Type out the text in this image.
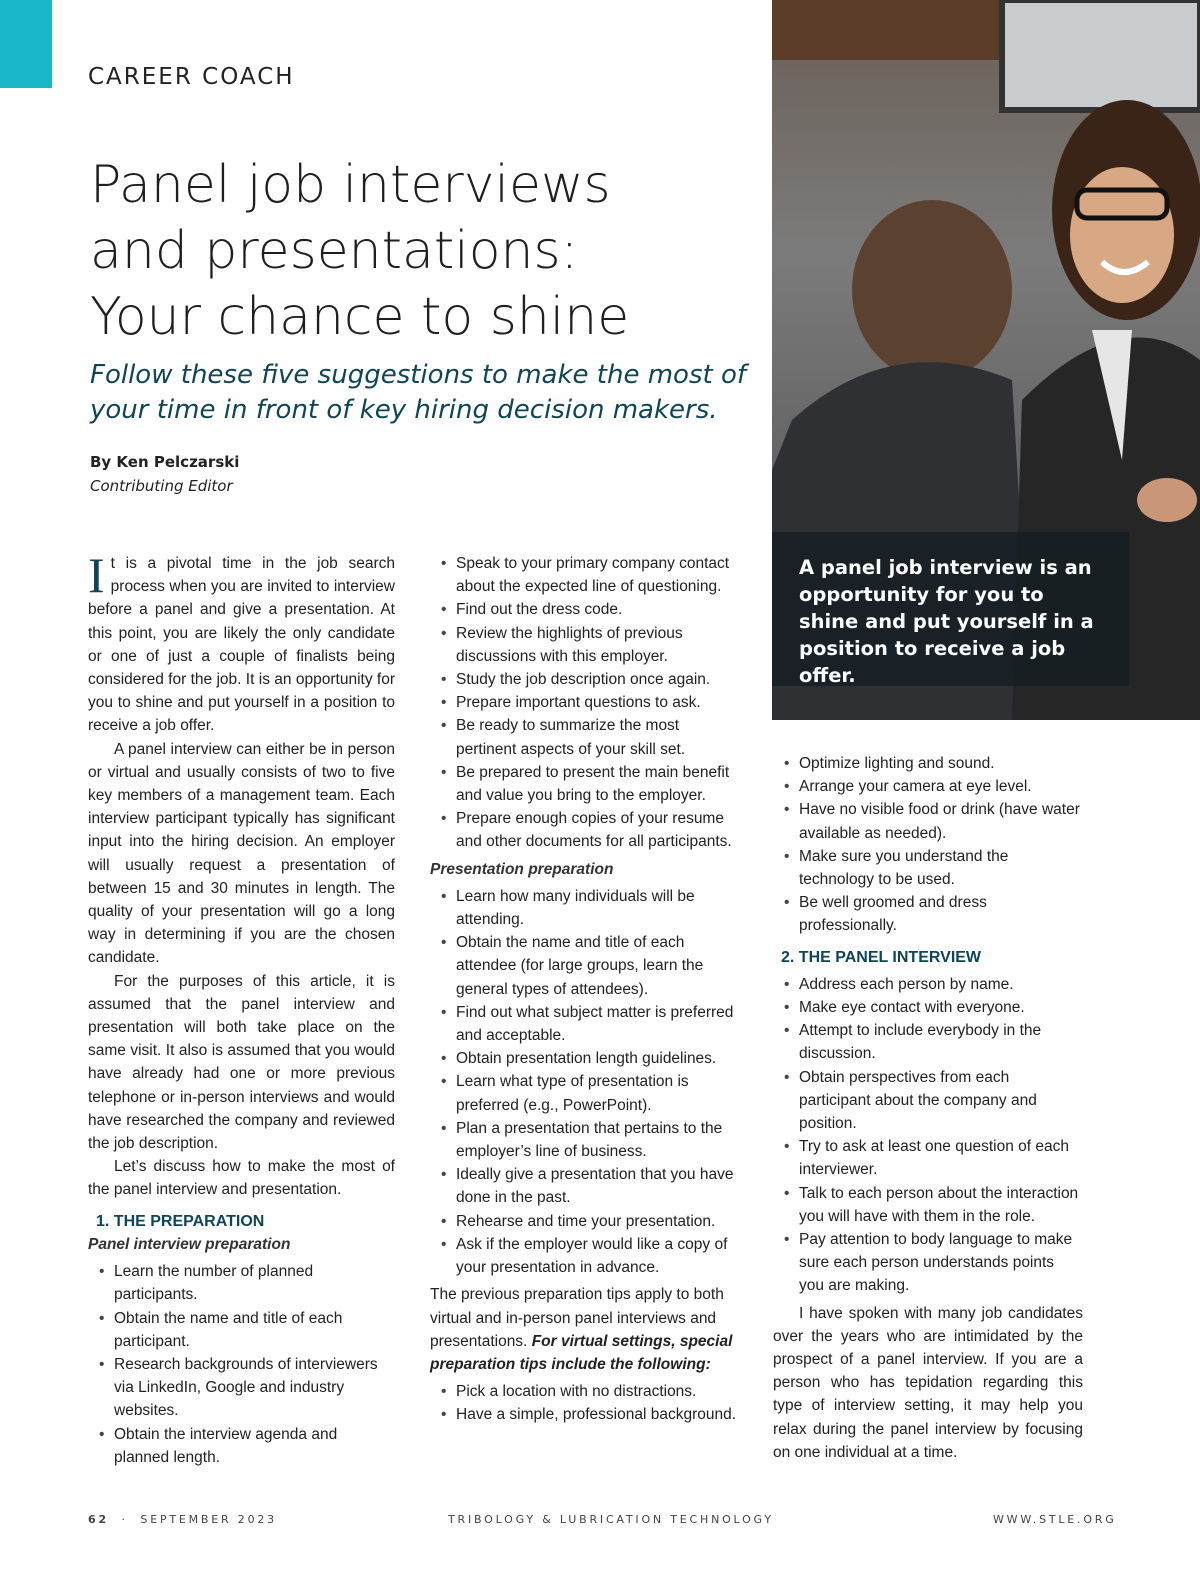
CAREER COACH
Panel job interviews
and presentations:
Your chance to shine

Follow these five suggestions to make the most of your time in front of key hiring decision makers.

By Ken Pelczarski
Contributing Editor

A panel job interview is an opportunity for you to shine and put yourself in a position to receive a job offer.

It is a pivotal time in the job search process when you are invited to interview before a panel and give a presentation. At this point, you are likely the only candidate or one of just a couple of finalists being considered for the job. It is an opportunity for you to shine and put yourself in a position to receive a job offer.

A panel interview can either be in person or virtual and usually consists of two to five key members of a management team. Each interview participant typically has significant input into the hiring decision. An employer will usually request a presentation of between 15 and 30 minutes in length. The quality of your presentation will go a long way in determining if you are the chosen candidate.

For the purposes of this article, it is assumed that the panel interview and presentation will both take place on the same visit. It also is assumed that you would have already had one or more previous telephone or in-person interviews and would have researched the company and reviewed the job description.

Let’s discuss how to make the most of the panel interview and presentation.

1. THE PREPARATION

Panel interview preparation

• Learn the number of planned participants.
• Obtain the name and title of each participant.
• Research backgrounds of interviewers via LinkedIn, Google and industry websites.
• Obtain the interview agenda and planned length.
• Speak to your primary company contact about the expected line of questioning.
• Find out the dress code.
• Review the highlights of previous discussions with this employer.
• Study the job description once again.
• Prepare important questions to ask.
• Be ready to summarize the most pertinent aspects of your skill set.
• Be prepared to present the main benefit and value you bring to the employer.
• Prepare enough copies of your resume and other documents for all participants.

Presentation preparation

• Learn how many individuals will be attending.
• Obtain the name and title of each attendee (for large groups, learn the general types of attendees).
• Find out what subject matter is preferred and acceptable.
• Obtain presentation length guidelines.
• Learn what type of presentation is preferred (e.g., PowerPoint).
• Plan a presentation that pertains to the employer’s line of business.
• Ideally give a presentation that you have done in the past.
• Rehearse and time your presentation.
• Ask if the employer would like a copy of your presentation in advance.

The previous preparation tips apply to both virtual and in-person panel interviews and presentations. For virtual settings, special preparation tips include the following:

• Pick a location with no distractions.
• Have a simple, professional background.
• Optimize lighting and sound.
• Arrange your camera at eye level.
• Have no visible food or drink (have water available as needed).
• Make sure you understand the technology to be used.
• Be well groomed and dress professionally.

2. THE PANEL INTERVIEW

• Address each person by name.
• Make eye contact with everyone.
• Attempt to include everybody in the discussion.
• Obtain perspectives from each participant about the company and position.
• Try to ask at least one question of each interviewer.
• Talk to each person about the interaction you will have with them in the role.
• Pay attention to body language to make sure each person understands points you are making.

I have spoken with many job candidates over the years who are intimidated by the prospect of a panel interview. If you are a person who has tepidation regarding this type of interview setting, it may help you relax during the panel interview by focusing on one individual at a time.

62 · SEPTEMBER 2023	TRIBOLOGY & LUBRICATION TECHNOLOGY	WWW.STLE.ORG
